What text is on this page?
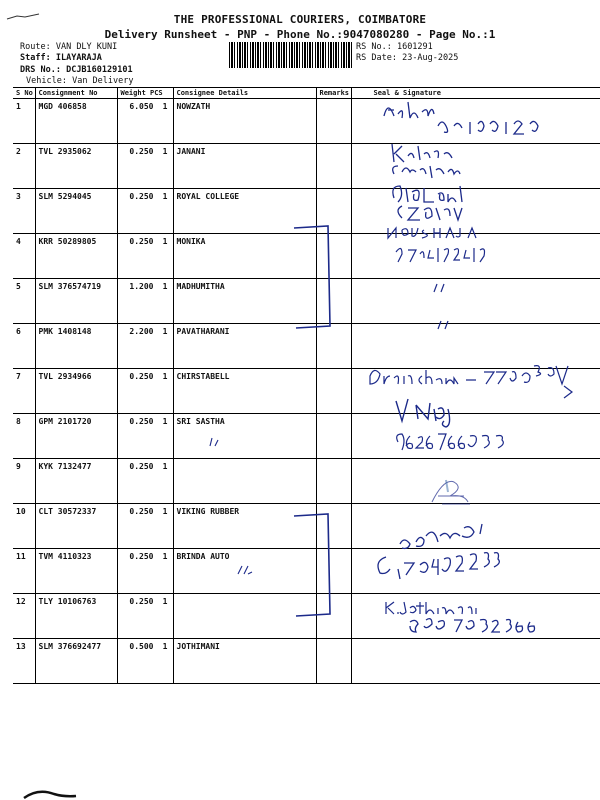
THE PROFESSIONAL COURIERS, COIMBATORE
Delivery Runsheet - PNP - Phone No.:9047080280 - Page No.:1
Route: VAN DLY KUNI
Staff: ILAYARAJA
DRS No.: DCJB160129101
Vehicle: Van Delivery
RS No.: 1601291
RS Date: 23-Aug-2025
S No	Consignment No	Weight PCS	Consignee Details	Remarks	Seal & Signature
1	MGD 406858	6.050 1	NOWZATH		
2	TVL 2935062	0.250 1	JANANI		
3	SLM 5294045	0.250 1	ROYAL COLLEGE		
4	KRR 50289805	0.250 1	MONIKA		
5	SLM 376574719	1.200 1	MADHUMITHA		
6	PMK 1408148	2.200 1	PAVATHARANI		
7	TVL 2934966	0.250 1	CHIRSTABELL		
8	GPM 2101720	0.250 1	SRI SASTHA		
9	KYK 7132477	0.250 1			
10	CLT 30572337	0.250 1	VIKING RUBBER		
11	TVM 4110323	0.250 1	BRINDA AUTO		
12	TLY 10106763	0.250 1			
13	SLM 376692477	0.500 1	JOTHIMANI		
